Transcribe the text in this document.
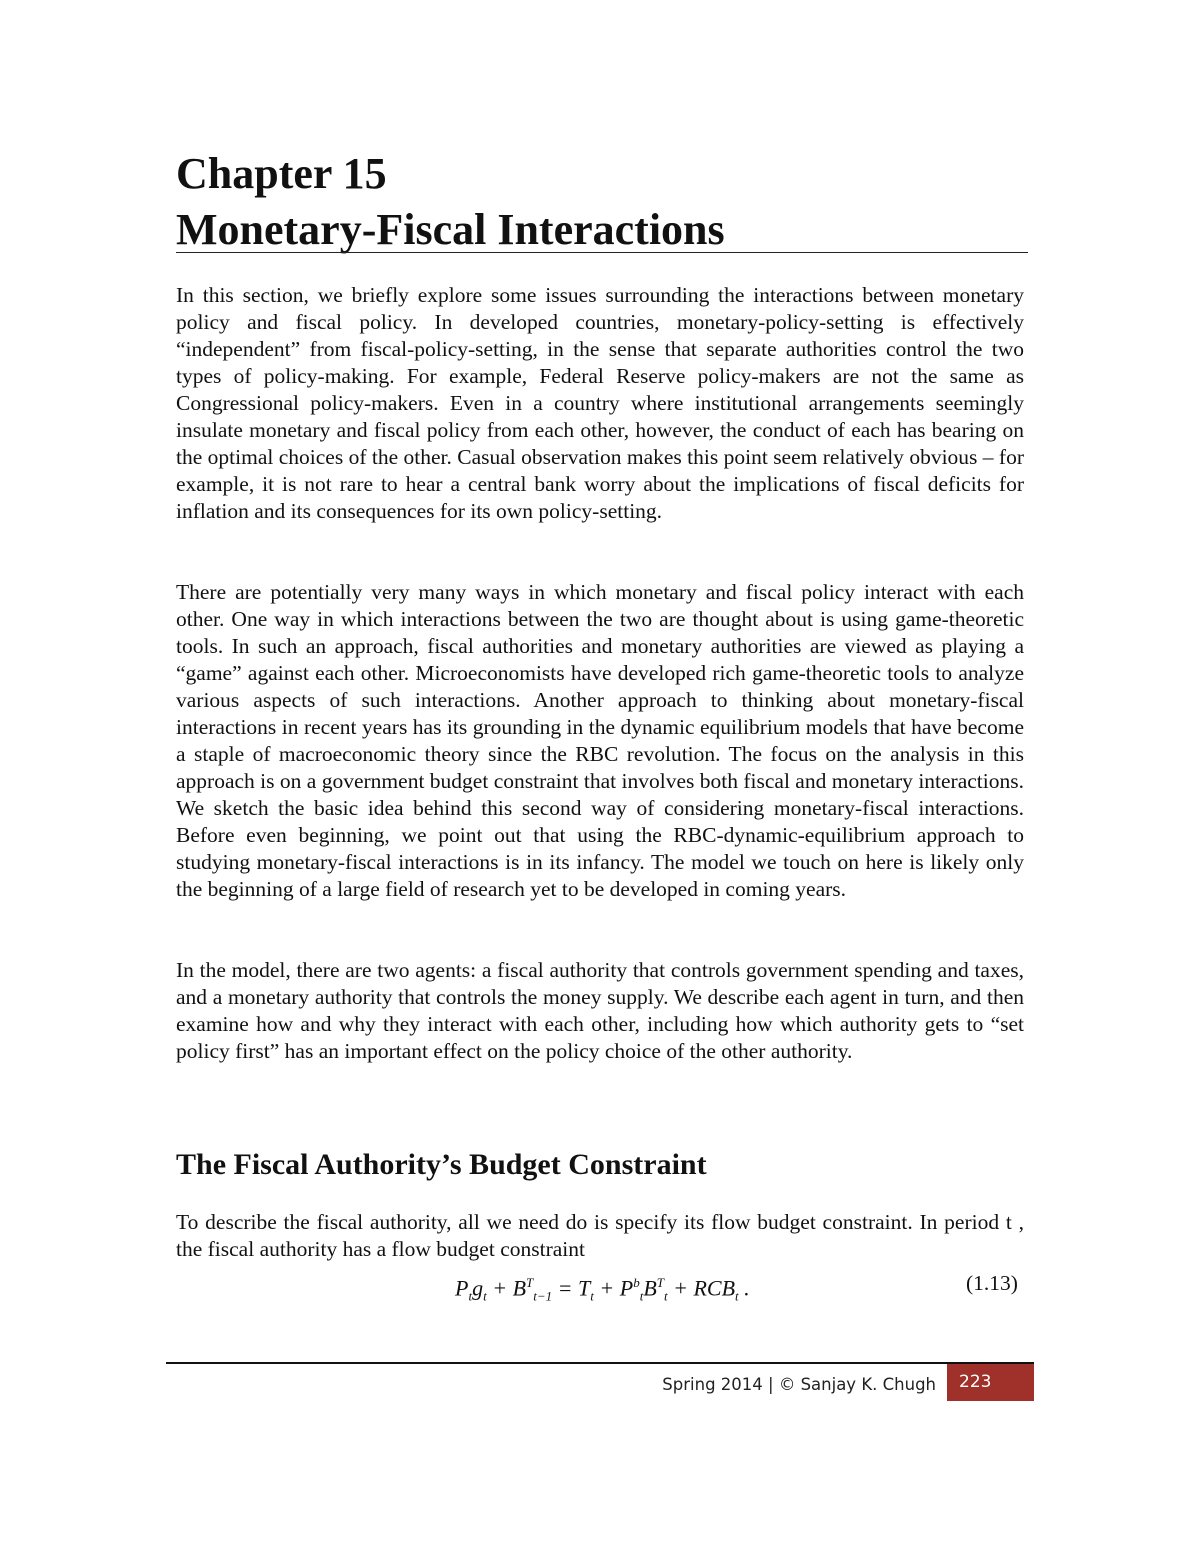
Chapter 15
Monetary-Fiscal Interactions

In this section, we briefly explore some issues surrounding the interactions between monetary policy and fiscal policy. In developed countries, monetary-policy-setting is effectively “independent” from fiscal-policy-setting, in the sense that separate authorities control the two types of policy-making. For example, Federal Reserve policy-makers are not the same as Congressional policy-makers. Even in a country where institutional arrangements seemingly insulate monetary and fiscal policy from each other, however, the conduct of each has bearing on the optimal choices of the other. Casual observation makes this point seem relatively obvious – for example, it is not rare to hear a central bank worry about the implications of fiscal deficits for inflation and its consequences for its own policy-setting.

There are potentially very many ways in which monetary and fiscal policy interact with each other. One way in which interactions between the two are thought about is using game-theoretic tools. In such an approach, fiscal authorities and monetary authorities are viewed as playing a “game” against each other. Microeconomists have developed rich game-theoretic tools to analyze various aspects of such interactions. Another approach to thinking about monetary-fiscal interactions in recent years has its grounding in the dynamic equilibrium models that have become a staple of macroeconomic theory since the RBC revolution. The focus on the analysis in this approach is on a government budget constraint that involves both fiscal and monetary interactions. We sketch the basic idea behind this second way of considering monetary-fiscal interactions. Before even beginning, we point out that using the RBC-dynamic-equilibrium approach to studying monetary-fiscal interactions is in its infancy. The model we touch on here is likely only the beginning of a large field of research yet to be developed in coming years.

In the model, there are two agents: a fiscal authority that controls government spending and taxes, and a monetary authority that controls the money supply. We describe each agent in turn, and then examine how and why they interact with each other, including how which authority gets to “set policy first” has an important effect on the policy choice of the other authority.

The Fiscal Authority’s Budget Constraint

To describe the fiscal authority, all we need do is specify its flow budget constraint. In period t , the fiscal authority has a flow budget constraint

$P_tg_t + B^T_{t-1} = T_t + P^b_tB^T_t + RCB_t$ .	(1.13)
Spring 2014 | © Sanjay K. Chugh	223
